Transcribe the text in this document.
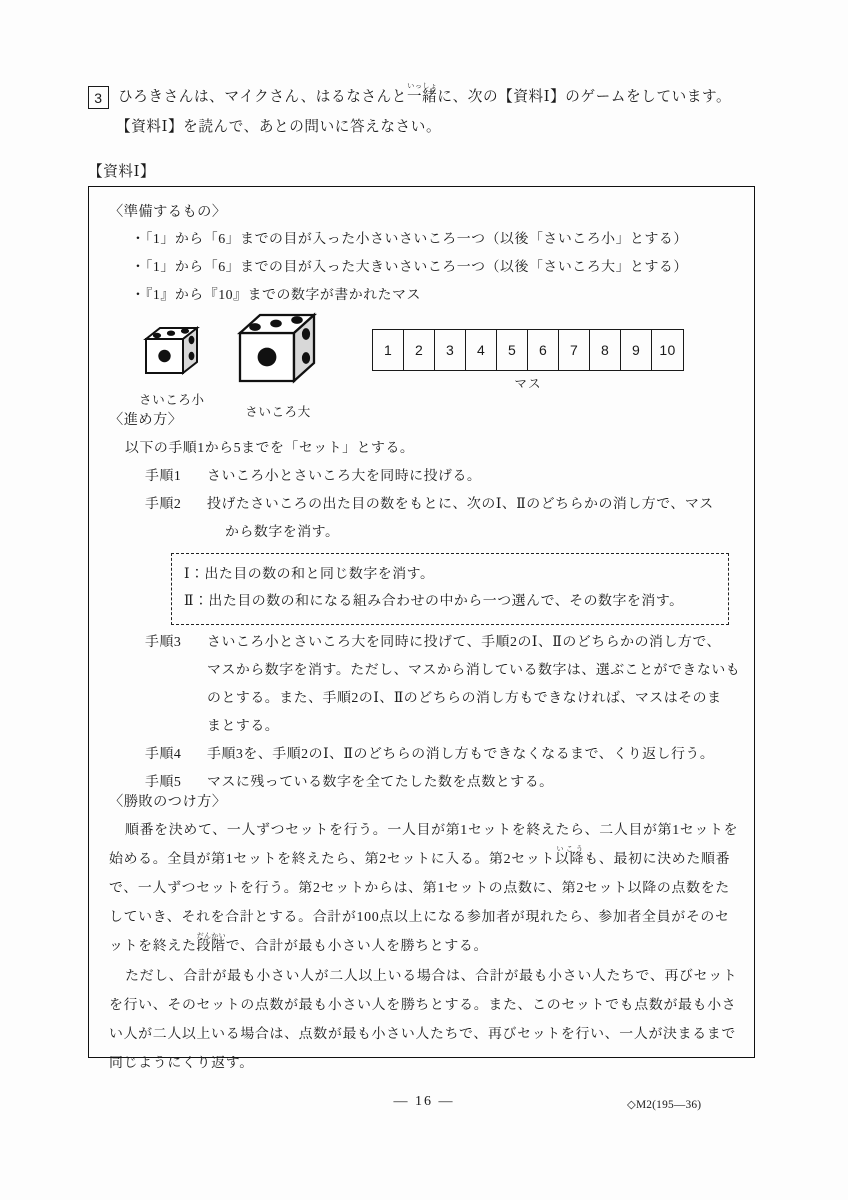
3	ひろきさんは、マイクさん、はるなさんと一緒いっしょに、次の【資料Ⅰ】のゲームをしています。
【資料Ⅰ】を読んで、あとの問いに答えなさい。
【資料Ⅰ】
〈準備するもの〉
・「1」から「6」までの目が入った小さいさいころ一つ（以後「さいころ小」とする）
・「1」から「6」までの目が入った大きいさいころ一つ（以後「さいころ大」とする）
・『1』から『10』までの数字が書かれたマス
さいころ小
さいころ大
1	2	3	4	5	6	7	8	9	10
マス
〈進め方〉
以下の手順1から5までを「セット」とする。
手順1	さいころ小とさいころ大を同時に投げる。
手順2	投げたさいころの出た目の数をもとに、次のⅠ、Ⅱのどちらかの消し方で、マス
から数字を消す。
Ⅰ：出た目の数の和と同じ数字を消す。
Ⅱ：出た目の数の和になる組み合わせの中から一つ選んで、その数字を消す。
手順3	さいころ小とさいころ大を同時に投げて、手順2のⅠ、Ⅱのどちらかの消し方で、
マスから数字を消す。ただし、マスから消している数字は、選ぶことができないも
のとする。また、手順2のⅠ、Ⅱのどちらの消し方もできなければ、マスはそのま
まとする。
手順4	手順3を、手順2のⅠ、Ⅱのどちらの消し方もできなくなるまで、くり返し行う。
手順5	マスに残っている数字を全てたした数を点数とする。
〈勝敗のつけ方〉
順番を決めて、一人ずつセットを行う。一人目が第1セットを終えたら、二人目が第1セットを始める。全員が第1セットを終えたら、第2セットに入る。第2セット以降いこうも、最初に決めた順番で、一人ずつセットを行う。第2セットからは、第1セットの点数に、第2セット以降の点数をたしていき、それを合計とする。合計が100点以上になる参加者が現れたら、参加者全員がそのセットを終えた段階だんかいで、合計が最も小さい人を勝ちとする。
ただし、合計が最も小さい人が二人以上いる場合は、合計が最も小さい人たちで、再びセットを行い、そのセットの点数が最も小さい人を勝ちとする。また、このセットでも点数が最も小さい人が二人以上いる場合は、点数が最も小さい人たちで、再びセットを行い、一人が決まるまで同じようにくり返す。
— 16 —	◇M2(195—36)
